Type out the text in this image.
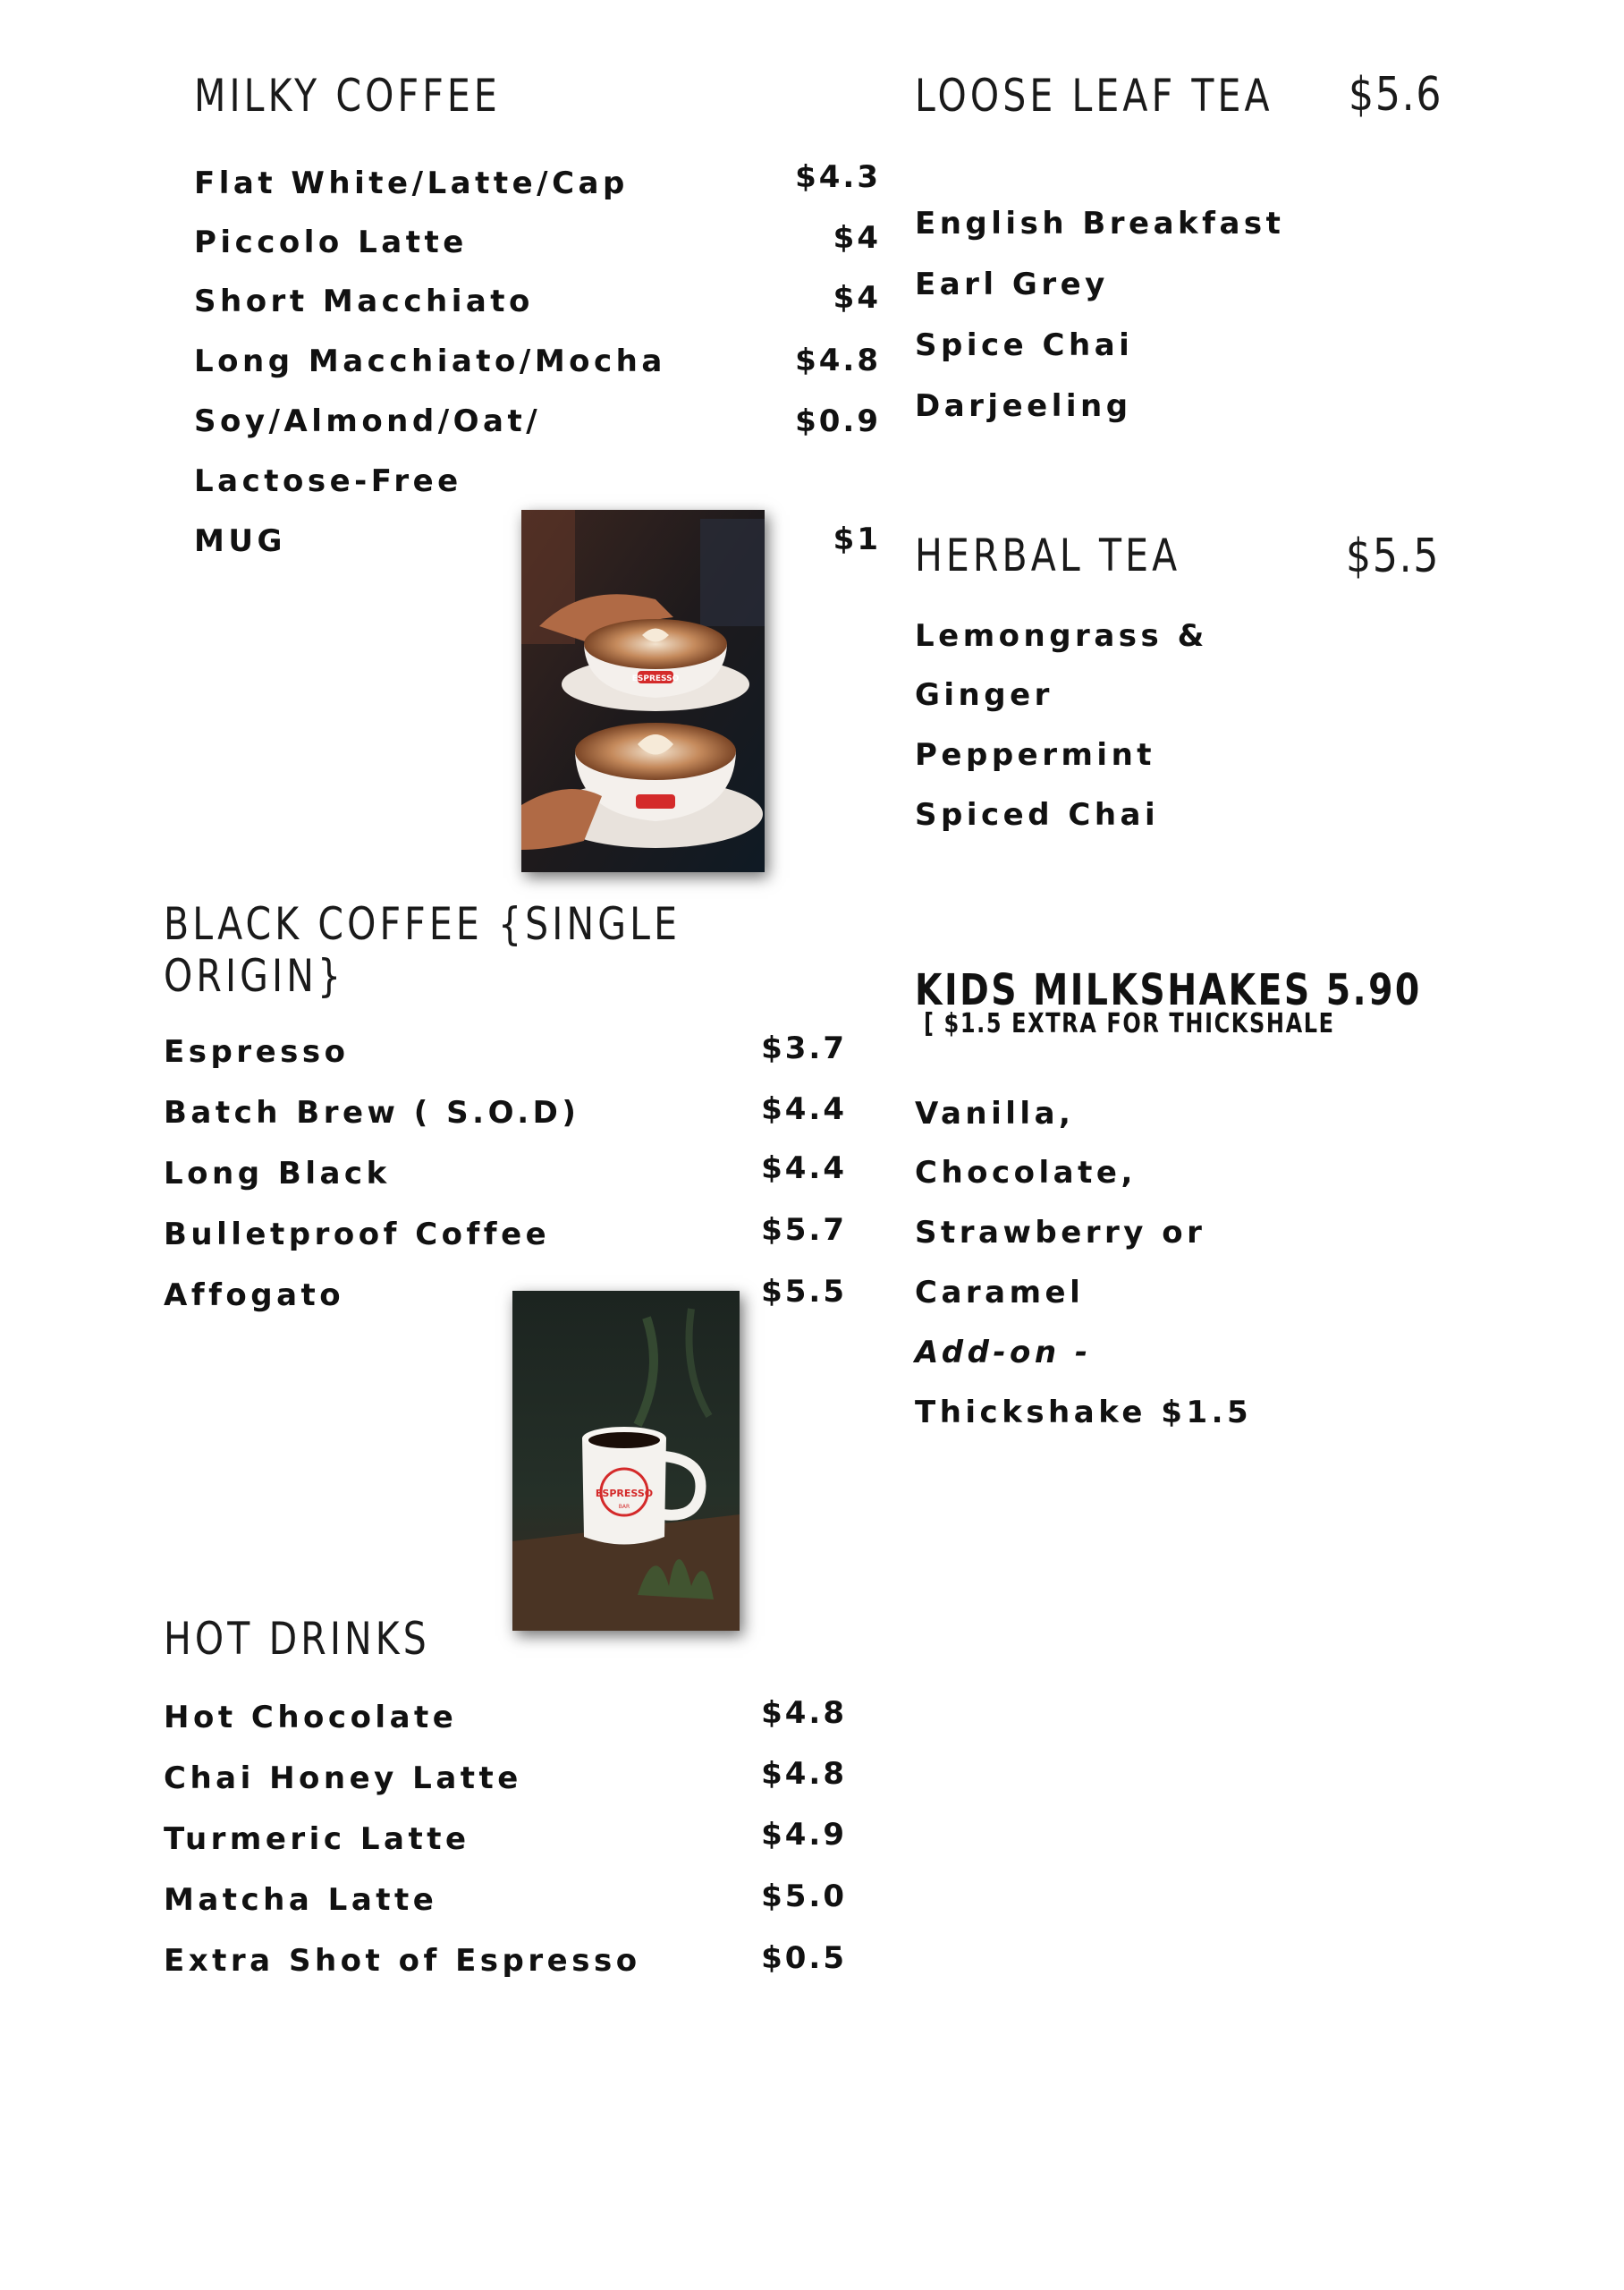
MILKY COFFEE
Flat White/Latte/Cap	$4.3
Piccolo Latte	$4
Short Macchiato	$4
Long Macchiato/Mocha	$4.8
Soy/Almond/Oat/	$0.9
Lactose-Free
MUG	$1
ESPRESSO
LOOSE LEAF TEA $5.6
English Breakfast
Earl Grey
Spice Chai
Darjeeling
HERBAL TEA	$5.5
Lemongrass &
Ginger
Peppermint
Spiced Chai
BLACK COFFEE {SINGLE ORIGIN}
Espresso	$3.7
Batch Brew ( S.O.D)	$4.4
Long Black	$4.4
Bulletproof Coffee	$5.7
Affogato	$5.5
ESPRESSO
BAR
KIDS MILKSHAKES 5.90
[ $1.5 EXTRA FOR THICKSHALE
Vanilla,
Chocolate,
Strawberry or
Caramel
Add-on -
Thickshake $1.5
HOT DRINKS
Hot Chocolate	$4.8
Chai Honey Latte	$4.8
Turmeric Latte	$4.9
Matcha Latte	$5.0
Extra Shot of Espresso	$0.5
